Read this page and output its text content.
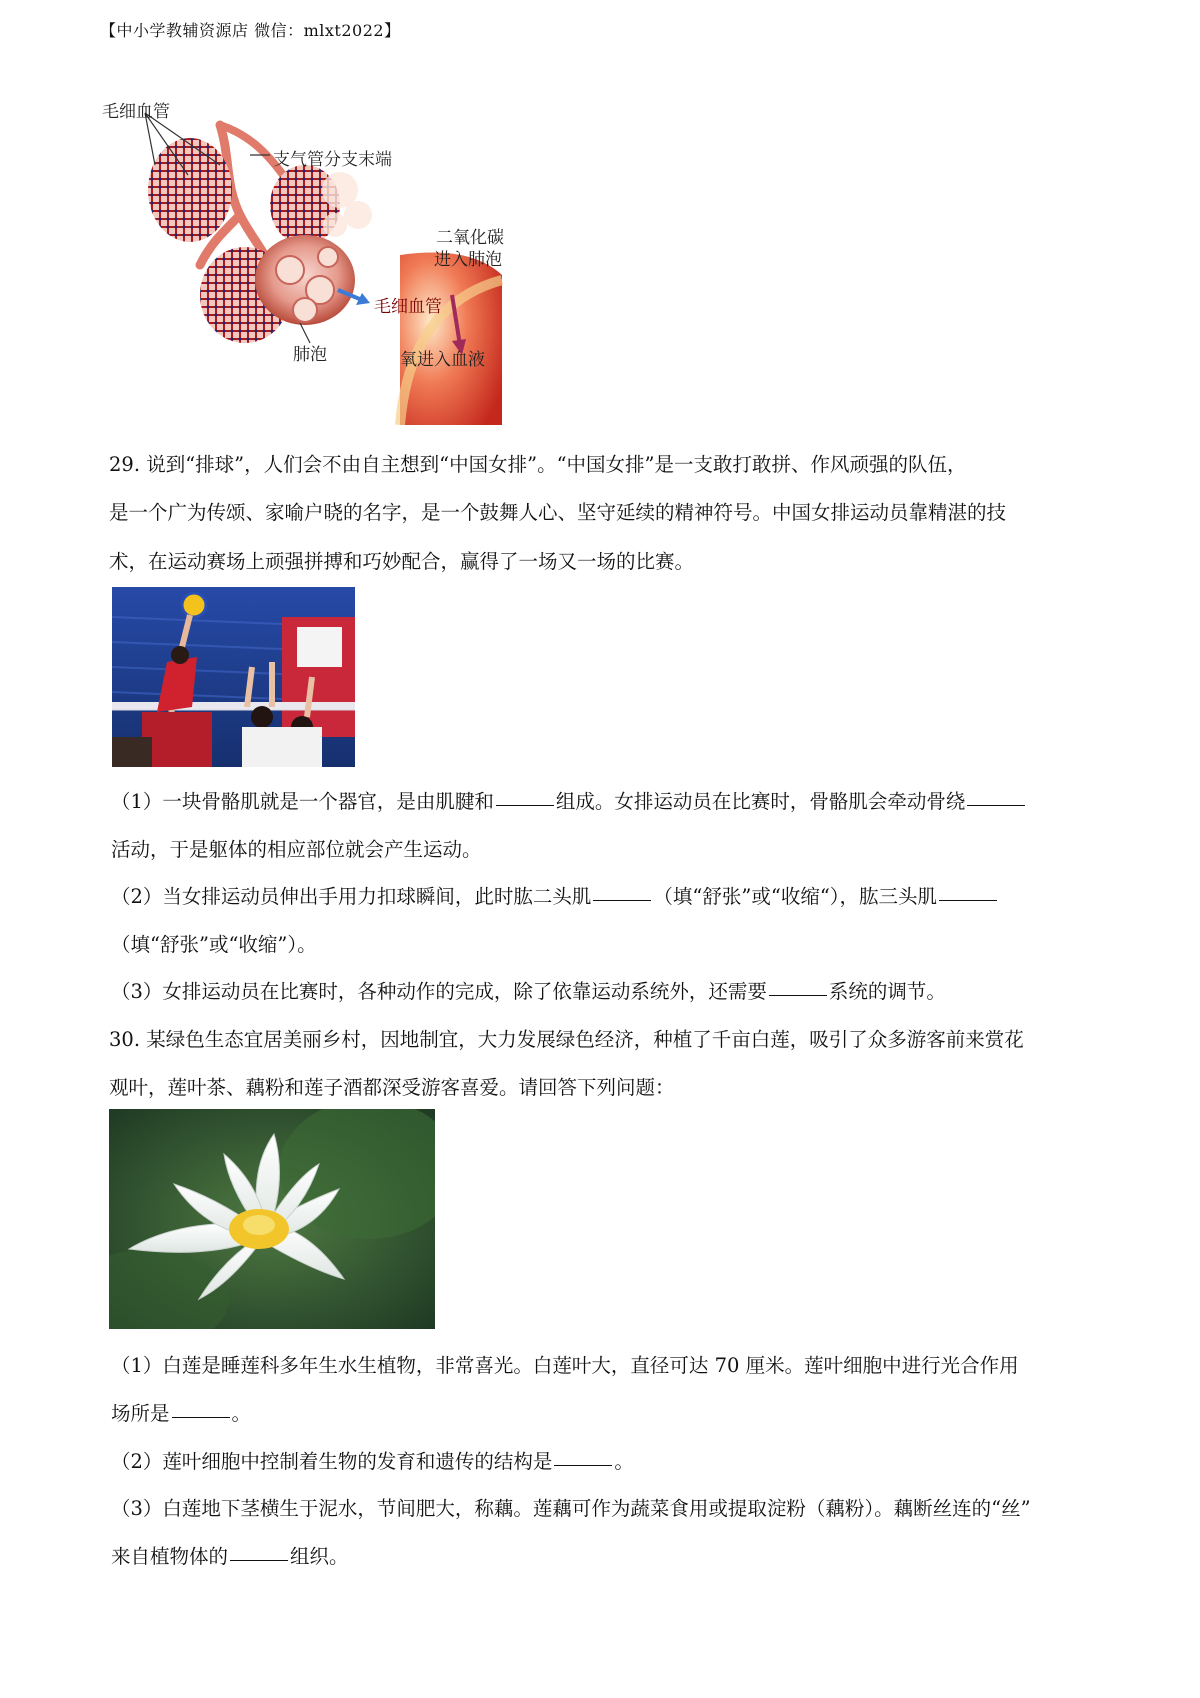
【中小学教辅资源店 微信：mlxt2022】
毛细血管
支气管分支末端
肺泡
二氧化碳
进入肺泡
毛细血管
氧进入血液
29. 说到“排球”，人们会不由自主想到“中国女排”。“中国女排”是一支敢打敢拼、作风顽强的队伍，
是一个广为传颂、家喻户晓的名字，是一个鼓舞人心、坚守延续的精神符号。中国女排运动员靠精湛的技
术，在运动赛场上顽强拼搏和巧妙配合，赢得了一场又一场的比赛。
（1）一块骨骼肌就是一个器官，是由肌腱和	组成。女排运动员在比赛时，骨骼肌会牵动骨绕
活动，于是躯体的相应部位就会产生运动。
（2）当女排运动员伸出手用力扣球瞬间，此时肱二头肌	（填“舒张”或“收缩“），肱三头肌
（填“舒张”或“收缩”）。
（3）女排运动员在比赛时，各种动作的完成，除了依靠运动系统外，还需要	系统的调节。
30. 某绿色生态宜居美丽乡村，因地制宜，大力发展绿色经济，种植了千亩白莲，吸引了众多游客前来赏花
观叶，莲叶茶、藕粉和莲子酒都深受游客喜爱。请回答下列问题：
（1）白莲是睡莲科多年生水生植物，非常喜光。白莲叶大，直径可达 70 厘米。莲叶细胞中进行光合作用
场所是	。
（2）莲叶细胞中控制着生物的发育和遗传的结构是	。
（3）白莲地下茎横生于泥水，节间肥大，称藕。莲藕可作为蔬菜食用或提取淀粉（藕粉）。藕断丝连的“丝”
来自植物体的	组织。
